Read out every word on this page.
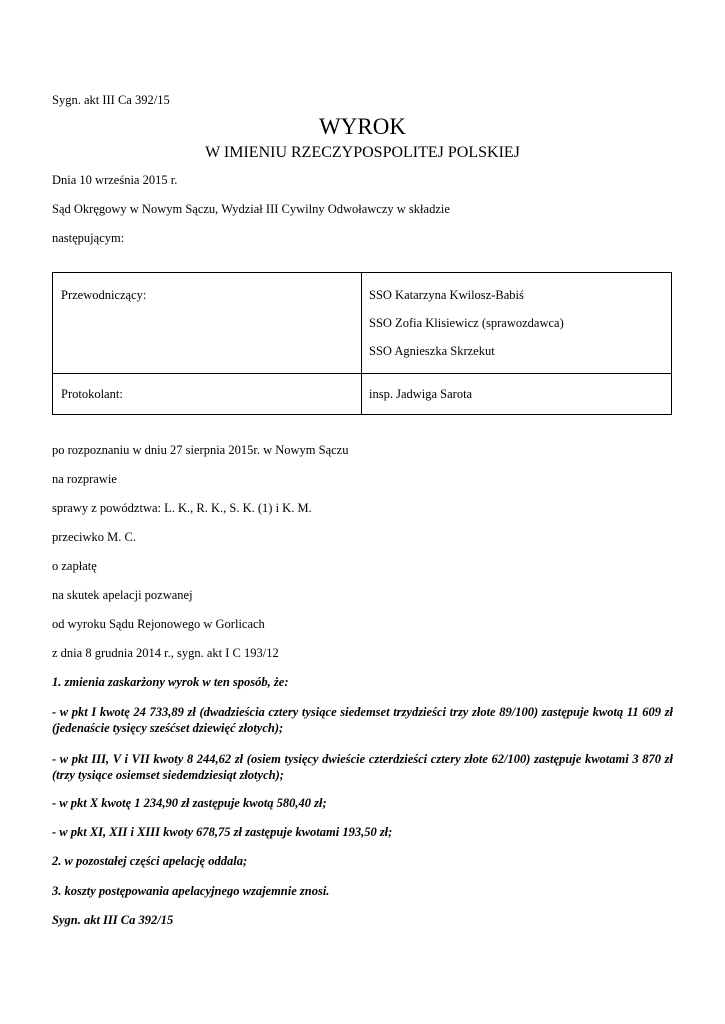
Sygn. akt III Ca 392/15
WYROK
W IMIENIU RZECZYPOSPOLITEJ POLSKIEJ
Dnia 10 września 2015 r.
Sąd Okręgowy w Nowym Sączu, Wydział III Cywilny Odwoławczy w składzie
następującym:
Przewodniczący:	SSO Katarzyna Kwilosz-Babiś
SSO Zofia Klisiewicz (sprawozdawca)
SSO Agnieszka Skrzekut
Protokolant:	insp. Jadwiga Sarota
po rozpoznaniu w dniu 27 sierpnia 2015r. w Nowym Sączu
na rozprawie
sprawy z powództwa: L. K., R. K., S. K. (1) i K. M.
przeciwko M. C.
o zapłatę
na skutek apelacji pozwanej
od wyroku Sądu Rejonowego w Gorlicach
z dnia 8 grudnia 2014 r., sygn. akt I C 193/12
1. zmienia zaskarżony wyrok w ten sposób, że:
- w pkt I kwotę 24 733,89 zł (dwadzieścia cztery tysiące siedemset trzydzieści trzy złote 89/100) zastępuje kwotą 11 609 zł (jedenaście tysięcy sześćset dziewięć złotych);
- w pkt III, V i VII kwoty 8 244,62 zł (osiem tysięcy dwieście czterdzieści cztery złote 62/100) zastępuje kwotami 3 870 zł (trzy tysiące osiemset siedemdziesiąt złotych);
- w pkt X kwotę 1 234,90 zł zastępuje kwotą 580,40 zł;
- w pkt XI, XII i XIII kwoty 678,75 zł zastępuje kwotami 193,50 zł;
2. w pozostałej części apelację oddala;
3. koszty postępowania apelacyjnego wzajemnie znosi.
Sygn. akt III Ca 392/15
